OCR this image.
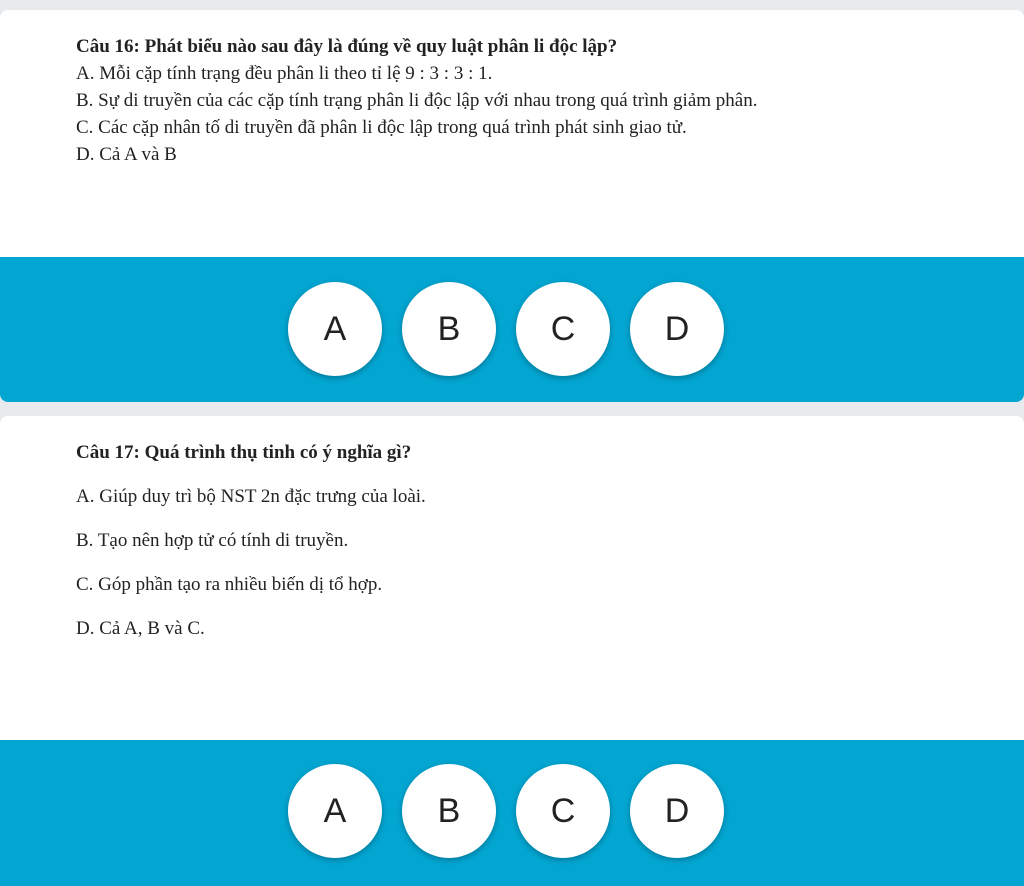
Câu 16: Phát biểu nào sau đây là đúng về quy luật phân li độc lập?

A. Mỗi cặp tính trạng đều phân li theo tỉ lệ 9 : 3 : 3 : 1.

B. Sự di truyền của các cặp tính trạng phân li độc lập với nhau trong quá trình giảm phân.

C. Các cặp nhân tố di truyền đã phân li độc lập trong quá trình phát sinh giao tử.

D. Cả A và B

A	B	C	D

Câu 17: Quá trình thụ tinh có ý nghĩa gì?

A. Giúp duy trì bộ NST 2n đặc trưng của loài.

B. Tạo nên hợp tử có tính di truyền.

C. Góp phần tạo ra nhiều biến dị tổ hợp.

D. Cả A, B và C.

A	B	C	D
